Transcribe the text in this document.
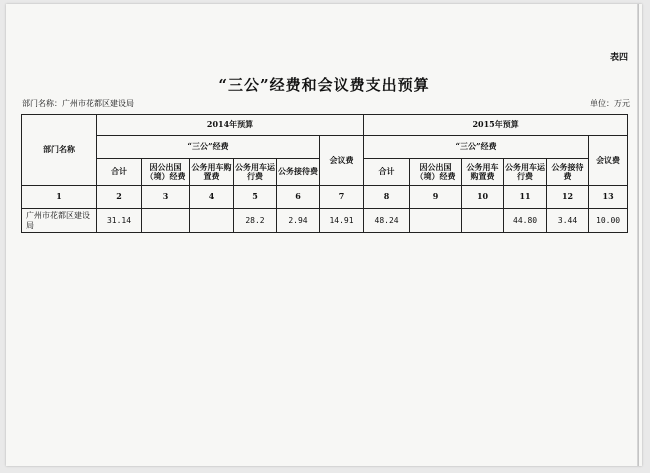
表四
“三公”经费和会议费支出预算
部门名称：广州市花都区建设局	单位：万元
部门名称	2014年预算						2015年预算					
	“三公”经费					会议费	“三公”经费					会议费
	合计	因公出国（境）经费	公务用车购置费	公务用车运行费	公务接待费		合计	因公出国（境）经费	公务用车购置费	公务用车运行费	公务接待费	
1	2	3	4	5	6	7	8	9	10	11	12	13
广州市花都区建设局	31.14			28.2	2.94	14.91	48.24			44.80	3.44	10.00
